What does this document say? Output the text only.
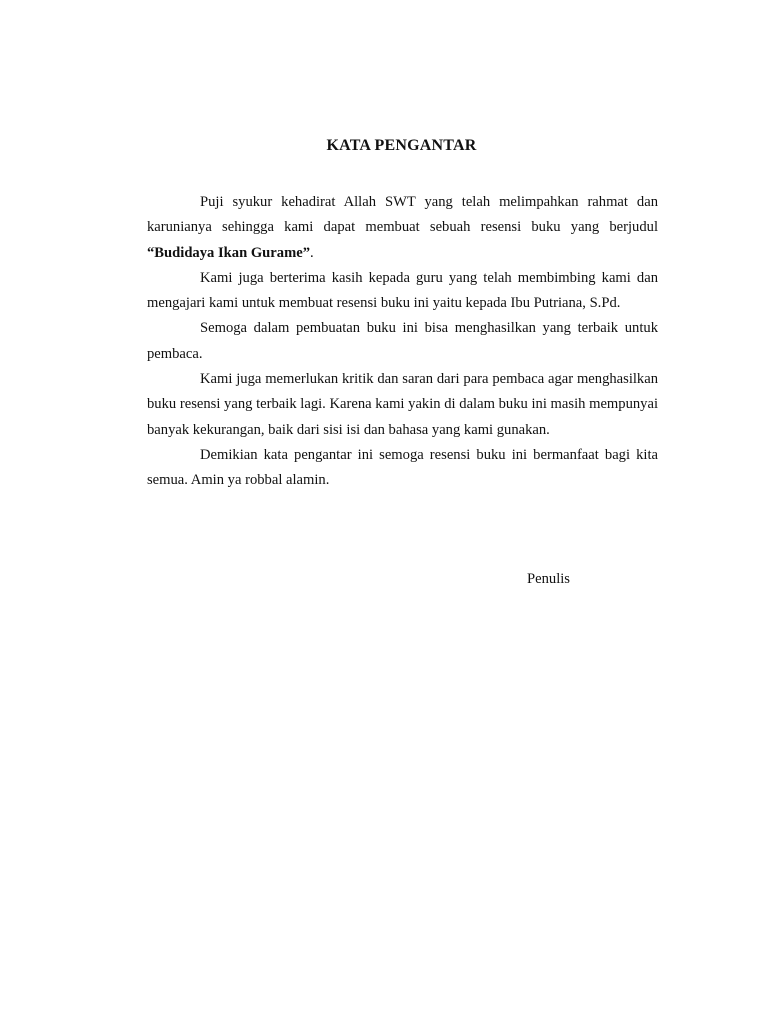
KATA PENGANTAR

Puji syukur kehadirat Allah SWT yang telah melimpahkan rahmat dan karunianya sehingga kami dapat membuat sebuah resensi buku yang berjudul “Budidaya Ikan Gurame”.

Kami juga berterima kasih kepada guru yang telah membimbing kami dan mengajari kami untuk membuat resensi buku ini yaitu kepada Ibu Putriana, S.Pd.

Semoga dalam pembuatan buku ini bisa menghasilkan yang terbaik untuk pembaca.

Kami juga memerlukan kritik dan saran dari para pembaca agar menghasilkan buku resensi yang terbaik lagi. Karena kami yakin di dalam buku ini masih mempunyai banyak kekurangan, baik dari sisi isi dan bahasa yang kami gunakan.

Demikian kata pengantar ini semoga resensi buku ini bermanfaat bagi kita semua. Amin ya robbal alamin.

Penulis
